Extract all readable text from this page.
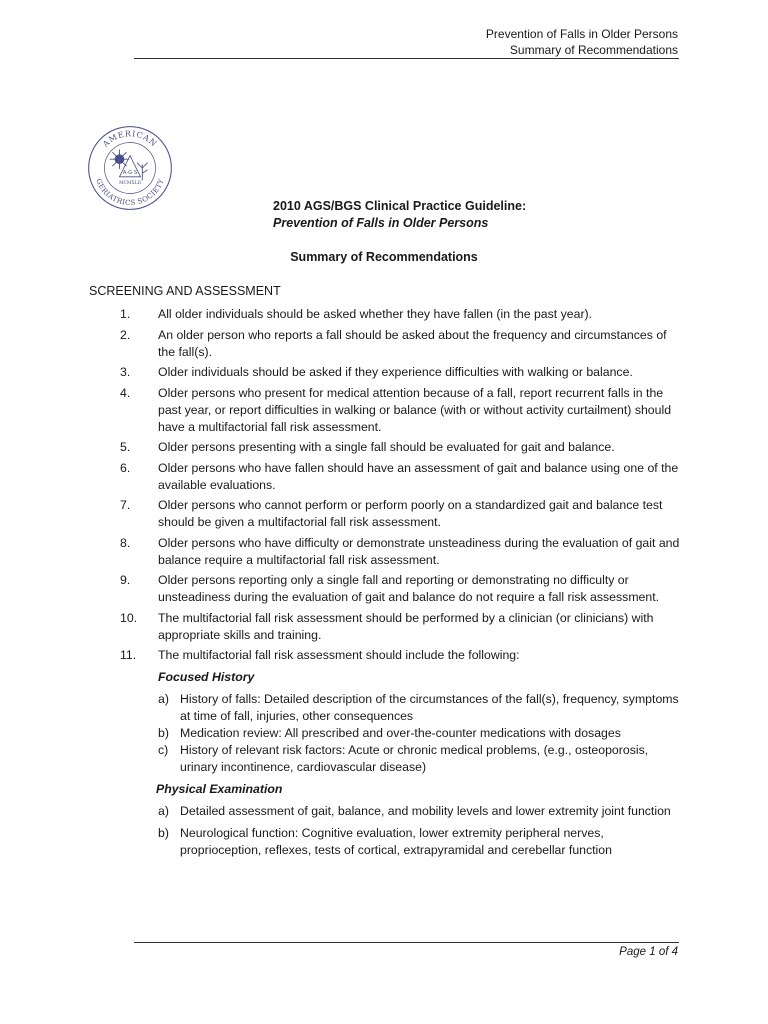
Prevention of Falls in Older Persons
Summary of Recommendations
AMERICAN
GERIATRICS SOCIETY
A·G·S
MCMXLII
2010 AGS/BGS Clinical Practice Guideline:
Prevention of Falls in Older Persons
Summary of Recommendations
SCREENING AND ASSESSMENT
1.	All older individuals should be asked whether they have fallen (in the past year).
2.	An older person who reports a fall should be asked about the frequency and circumstances of the fall(s).
3.	Older individuals should be asked if they experience difficulties with walking or balance.
4.	Older persons who present for medical attention because of a fall, report recurrent falls in the past year, or report difficulties in walking or balance (with or without activity curtailment) should have a multifactorial fall risk assessment.
5.	Older persons presenting with a single fall should be evaluated for gait and balance.
6.	Older persons who have fallen should have an assessment of gait and balance using one of the available evaluations.
7.	Older persons who cannot perform or perform poorly on a standardized gait and balance test should be given a multifactorial fall risk assessment.
8.	Older persons who have difficulty or demonstrate unsteadiness during the evaluation of gait and balance require a multifactorial fall risk assessment.
9.	Older persons reporting only a single fall and reporting or demonstrating no difficulty or unsteadiness during the evaluation of gait and balance do not require a fall risk assessment.
10.	The multifactorial fall risk assessment should be performed by a clinician (or clinicians) with appropriate skills and training.
11.	The multifactorial fall risk assessment should include the following:
Focused History
a) History of falls: Detailed description of the circumstances of the fall(s), frequency, symptoms at time of fall, injuries, other consequences
b) Medication review: All prescribed and over-the-counter medications with dosages
c) History of relevant risk factors: Acute or chronic medical problems, (e.g., osteoporosis, urinary incontinence, cardiovascular disease)
Physical Examination
a) Detailed assessment of gait, balance, and mobility levels and lower extremity joint function
b) Neurological function: Cognitive evaluation, lower extremity peripheral nerves, proprioception, reflexes, tests of cortical, extrapyramidal and cerebellar function
Page 1 of 4
